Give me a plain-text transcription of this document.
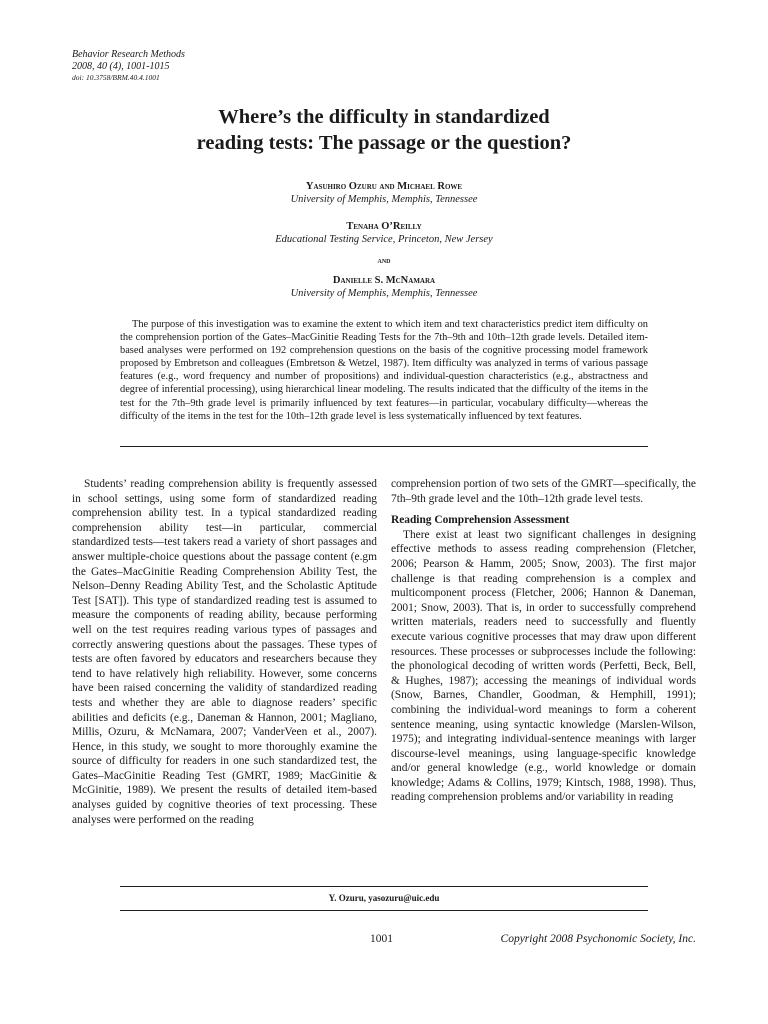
Behavior Research Methods
2008, 40 (4), 1001-1015
doi: 10.3758/BRM.40.4.1001
Where’s the difficulty in standardized
reading tests: The passage or the question?
Yasuhiro Ozuru and Michael Rowe
University of Memphis, Memphis, Tennessee
Tenaha O’Reilly
Educational Testing Service, Princeton, New Jersey
and
Danielle S. McNamara
University of Memphis, Memphis, Tennessee
The purpose of this investigation was to examine the extent to which item and text characteristics predict item difficulty on the comprehension portion of the Gates–MacGinitie Reading Tests for the 7th–9th and 10th–12th grade levels. Detailed item-based analyses were performed on 192 comprehension questions on the basis of the cognitive processing model framework proposed by Embretson and colleagues (Embretson & Wetzel, 1987). Item difficulty was analyzed in terms of various passage features (e.g., word frequency and number of propositions) and individual-question characteristics (e.g., abstractness and degree of inferential processing), using hierarchical linear modeling. The results indicated that the difficulty of the items in the test for the 7th–9th grade level is primarily influenced by text features—in particular, vocabulary difficulty—whereas the difficulty of the items in the test for the 10th–12th grade level is less systematically influenced by text features.

Students’ reading comprehension ability is frequently assessed in school settings, using some form of standardized reading comprehension ability test. In a typical standardized reading comprehension ability test—in particular, commercial standardized tests—test takers read a variety of short passages and answer multiple-choice questions about the passage content (e.gm the Gates–MacGinitie Reading Comprehension Ability Test, the Nelson–Denny Reading Ability Test, and the Scholastic Aptitude Test [SAT]). This type of standardized reading test is assumed to measure the components of reading ability, because performing well on the test requires reading various types of passages and correctly answering questions about the passages. These types of tests are often favored by educators and researchers because they tend to have relatively high reliability. However, some concerns have been raised concerning the validity of standardized reading tests and whether they are able to diagnose readers’ specific abilities and deficits (e.g., Daneman & Hannon, 2001; Magliano, Millis, Ozuru, & McNamara, 2007; VanderVeen et al., 2007). Hence, in this study, we sought to more thoroughly examine the source of difficulty for readers in one such standardized test, the Gates–MacGinitie Reading Test (GMRT, 1989; MacGinitie & McGinitie, 1989). We present the results of detailed item-based analyses guided by cognitive theories of text processing. These analyses were performed on the reading

comprehension portion of two sets of the GMRT—specifically, the 7th–9th grade level and the 10th–12th grade level tests.

Reading Comprehension Assessment

There exist at least two significant challenges in designing effective methods to assess reading comprehension (Fletcher, 2006; Pearson & Hamm, 2005; Snow, 2003). The first major challenge is that reading comprehension is a complex and multicomponent process (Fletcher, 2006; Hannon & Daneman, 2001; Snow, 2003). That is, in order to successfully comprehend written materials, readers need to successfully and fluently execute various cognitive processes that may draw upon different resources. These processes or subprocesses include the following: the phonological decoding of written words (Perfetti, Beck, Bell, & Hughes, 1987); accessing the meanings of individual words (Snow, Barnes, Chandler, Goodman, & Hemphill, 1991); combining the individual-word meanings to form a coherent sentence meaning, using syntactic knowledge (Marslen-Wilson, 1975); and integrating individual-sentence meanings with larger discourse-level meanings, using language-specific knowledge and/or general knowledge (e.g., world knowledge or domain knowledge; Adams & Collins, 1979; Kintsch, 1988, 1998). Thus, reading comprehension problems and/or variability in reading

Y. Ozuru, yasozuru@uic.edu
1001	Copyright 2008 Psychonomic Society, Inc.
